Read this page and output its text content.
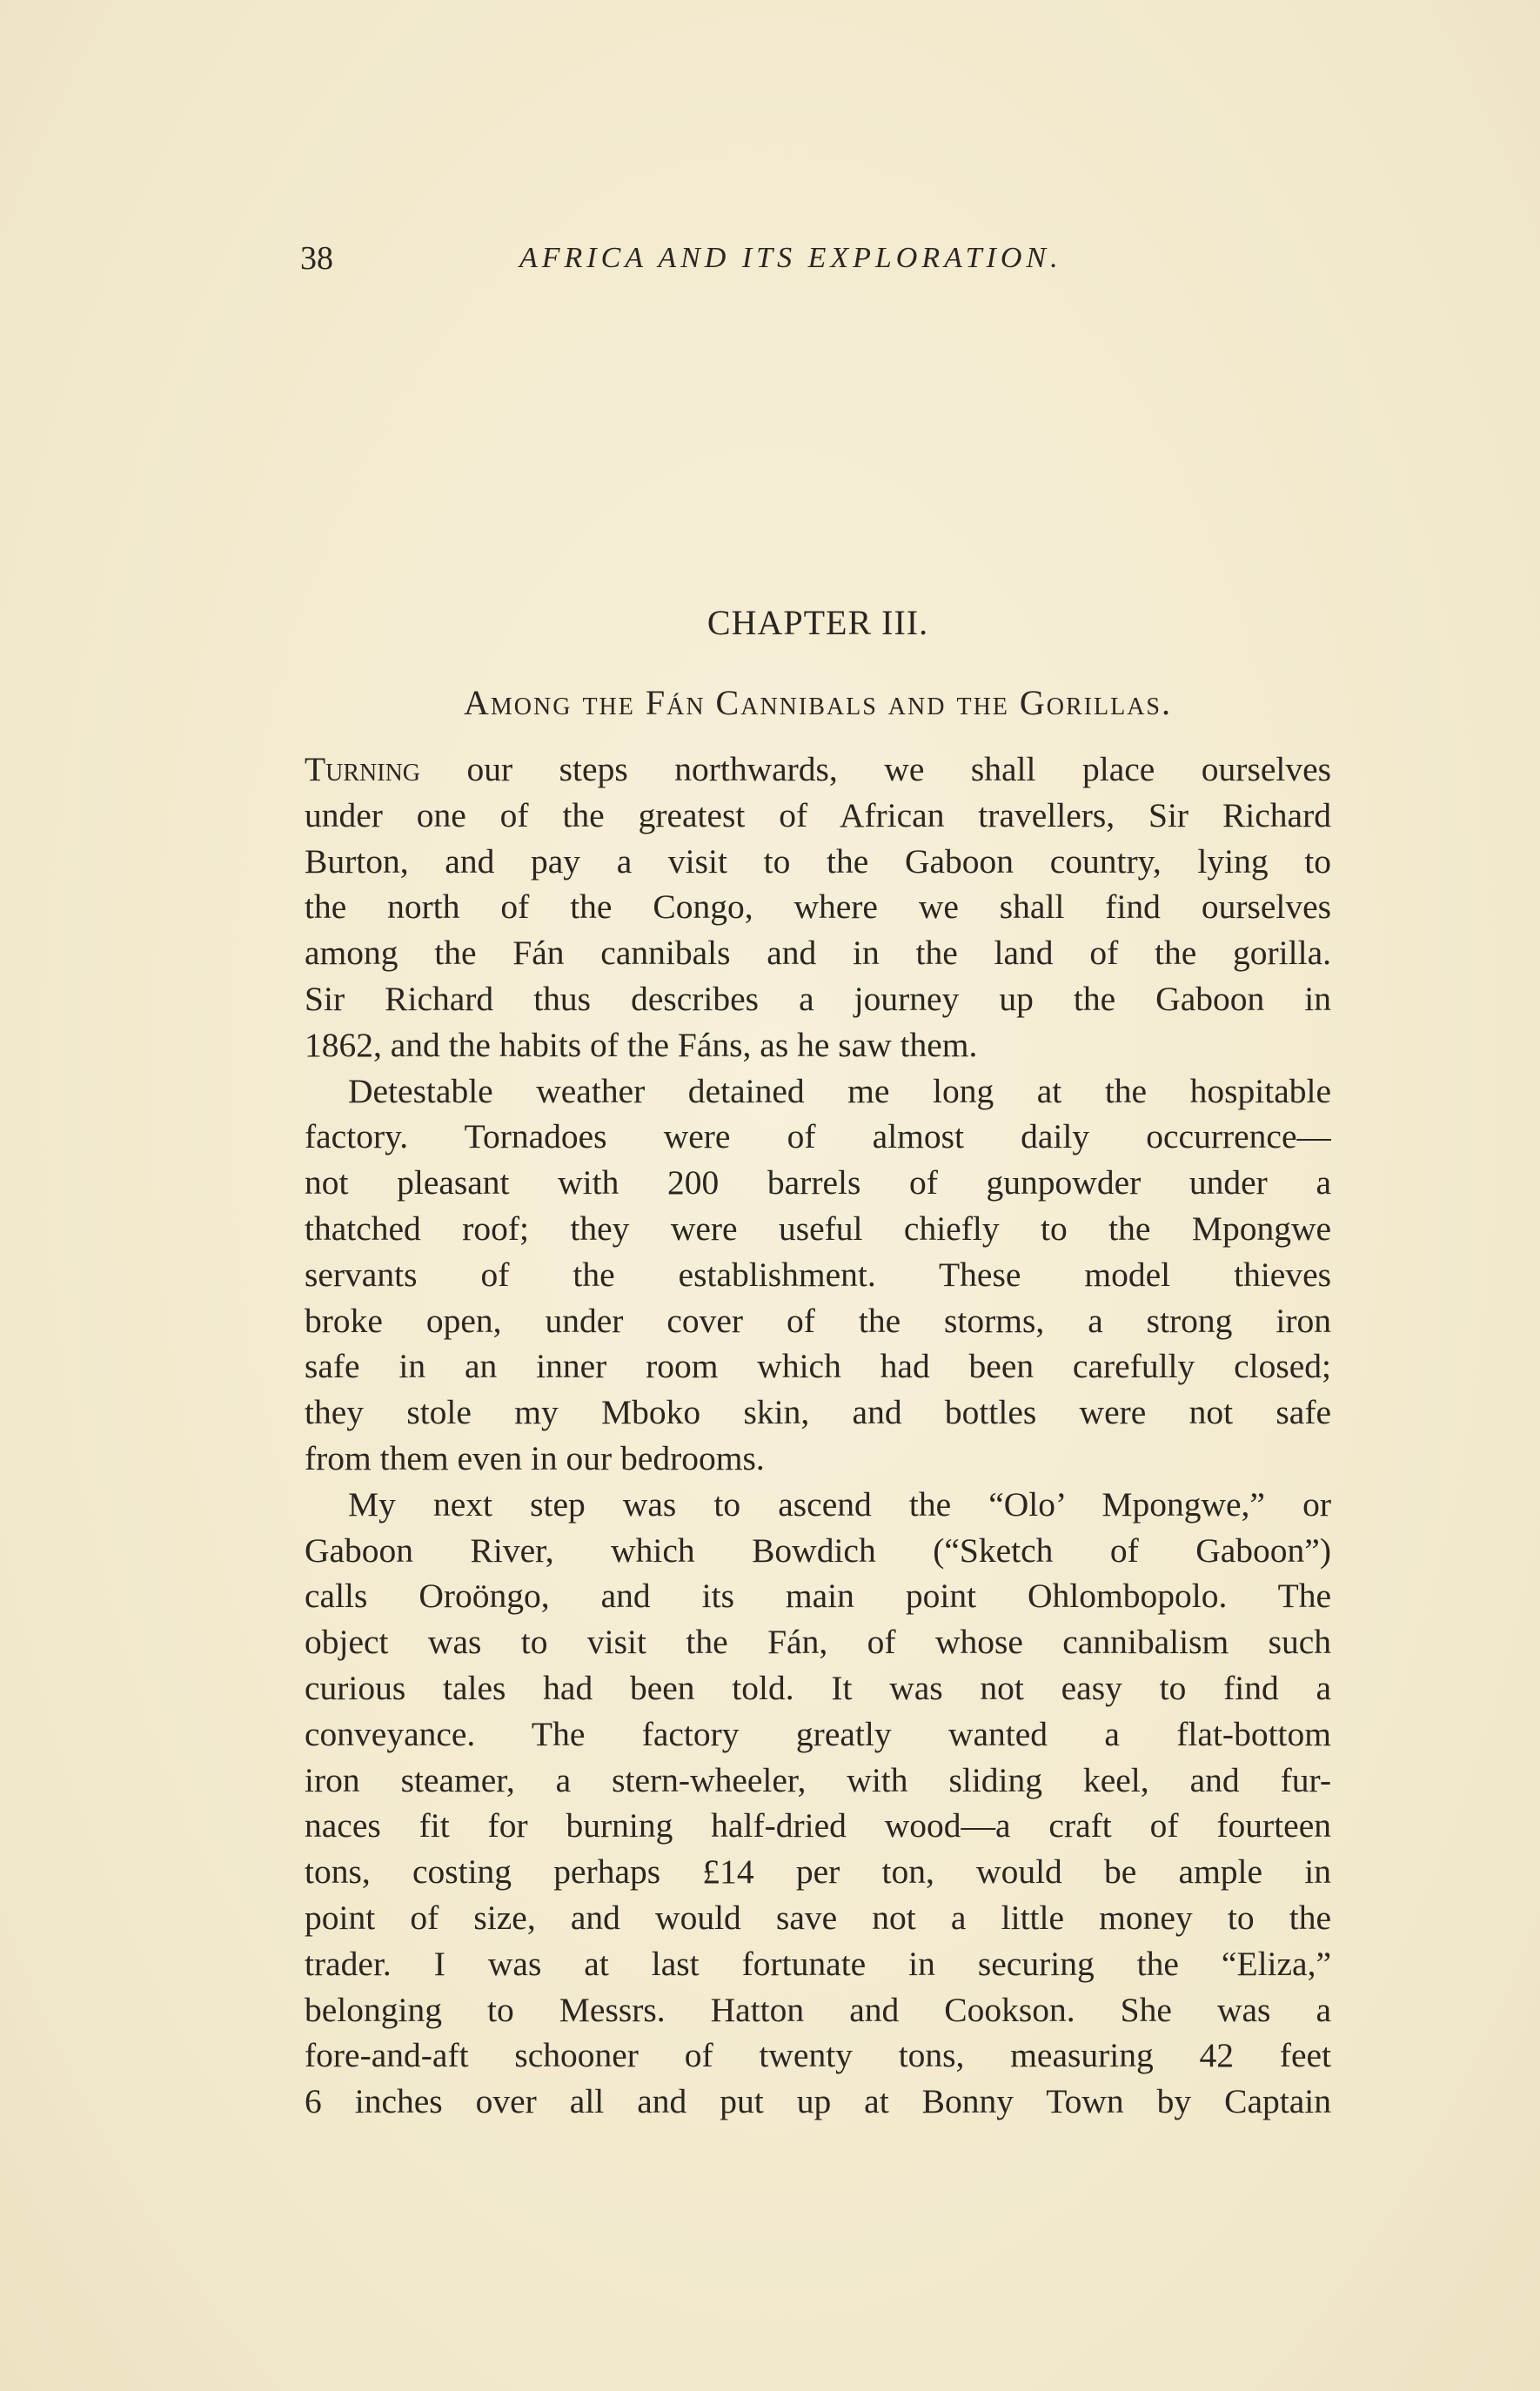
38	AFRICA AND ITS EXPLORATION.
CHAPTER III.
Among the Fán Cannibals and the Gorillas.
Turning our steps northwards, we shall place ourselves
under one of the greatest of African travellers, Sir Richard
Burton, and pay a visit to the Gaboon country, lying to
the north of the Congo, where we shall find ourselves
among the Fán cannibals and in the land of the gorilla.
Sir Richard thus describes a journey up the Gaboon in
1862, and the habits of the Fáns, as he saw them.
Detestable weather detained me long at the hospitable
factory. Tornadoes were of almost daily occurrence—
not pleasant with 200 barrels of gunpowder under a
thatched roof; they were useful chiefly to the Mpongwe
servants of the establishment. These model thieves
broke open, under cover of the storms, a strong iron
safe in an inner room which had been carefully closed;
they stole my Mboko skin, and bottles were not safe
from them even in our bedrooms.
My next step was to ascend the “Olo’ Mpongwe,” or
Gaboon River, which Bowdich (“Sketch of Gaboon”)
calls Oroöngo, and its main point Ohlombopolo. The
object was to visit the Fán, of whose cannibalism such
curious tales had been told. It was not easy to find a
conveyance. The factory greatly wanted a flat-bottom
iron steamer, a stern-wheeler, with sliding keel, and fur-
naces fit for burning half-dried wood—a craft of fourteen
tons, costing perhaps £14 per ton, would be ample in
point of size, and would save not a little money to the
trader. I was at last fortunate in securing the “Eliza,”
belonging to Messrs. Hatton and Cookson. She was a
fore-and-aft schooner of twenty tons, measuring 42 feet
6 inches over all and put up at Bonny Town by Captain
